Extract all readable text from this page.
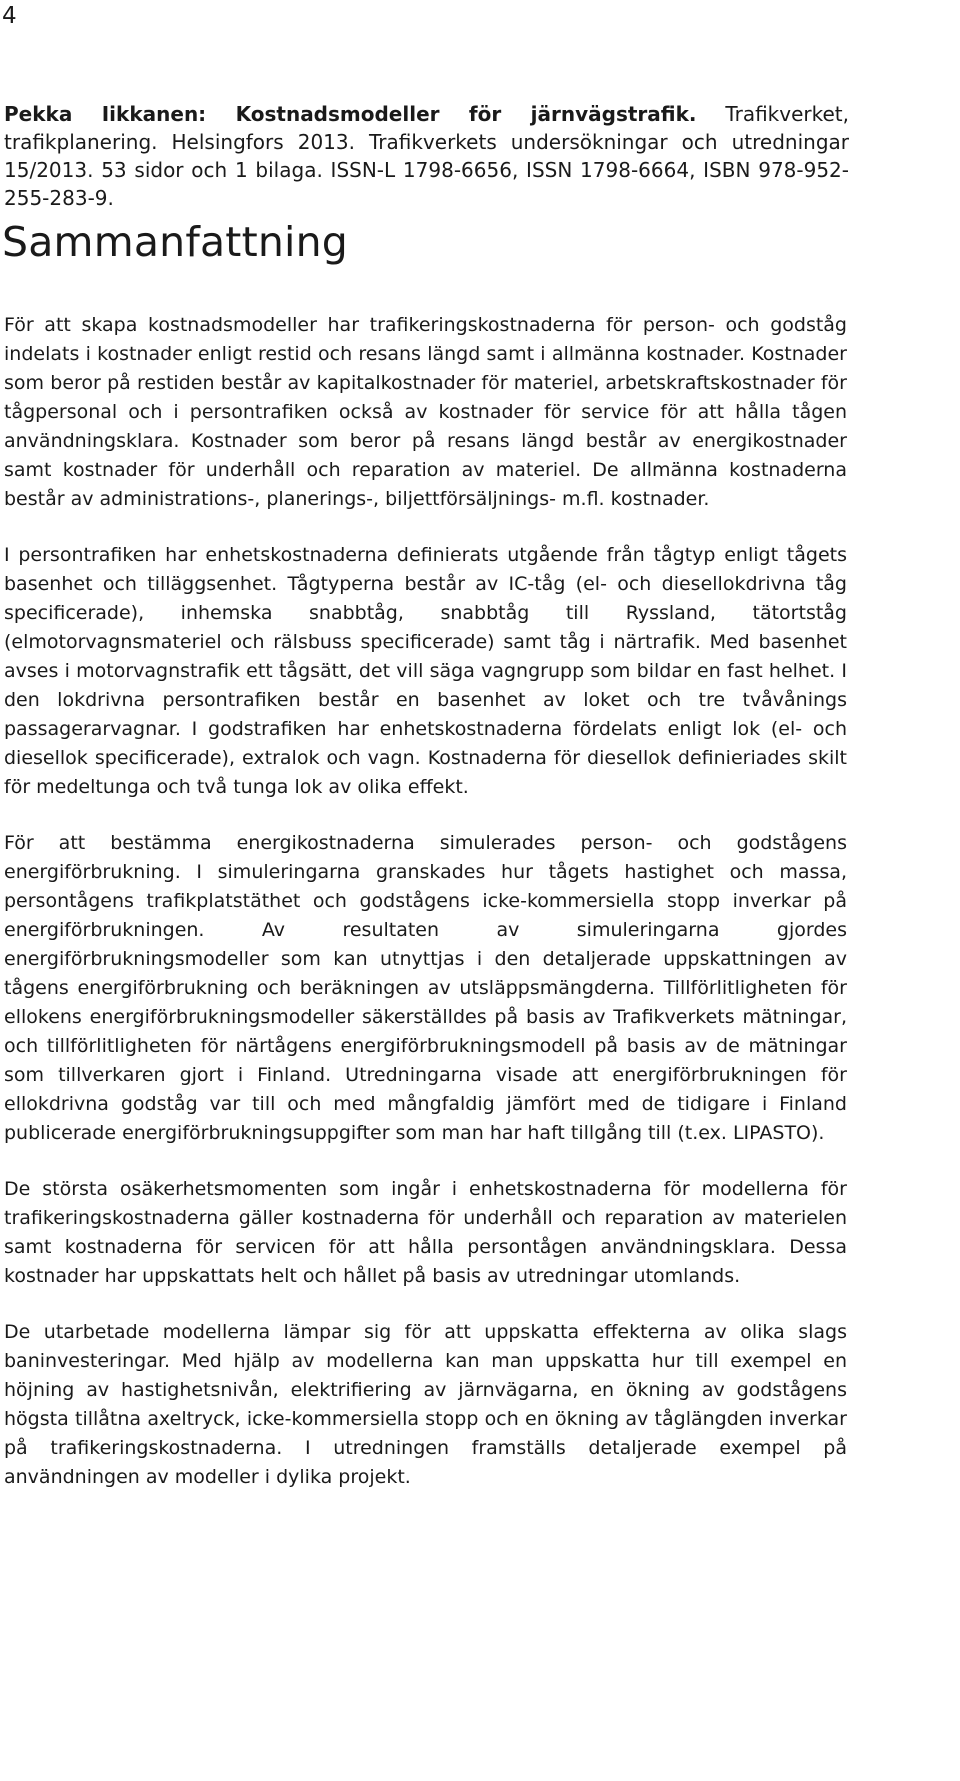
4

Pekka Iikkanen: Kostnadsmodeller för järnvägstrafik. Trafikverket, trafikplanering. Helsingfors 2013. Trafikverkets undersökningar och utredningar 15/2013. 53 sidor och 1 bilaga. ISSN-L 1798-6656, ISSN 1798-6664, ISBN 978-952-255-283-9.

Sammanfattning

För att skapa kostnadsmodeller har trafikeringskostnaderna för person- och godståg indelats i kostnader enligt restid och resans längd samt i allmänna kostnader. Kostnader som beror på restiden består av kapitalkostnader för materiel, arbetskraftskostnader för tågpersonal och i persontrafiken också av kostnader för service för att hålla tågen användningsklara. Kostnader som beror på resans längd består av energikostnader samt kostnader för underhåll och reparation av materiel. De allmänna kostnaderna består av administrations-, planerings-, biljettförsäljnings- m.fl. kostnader.

I persontrafiken har enhetskostnaderna definierats utgående från tågtyp enligt tågets basenhet och tilläggsenhet. Tågtyperna består av IC-tåg (el- och diesellokdrivna tåg specificerade), inhemska snabbtåg, snabbtåg till Ryssland, tätortståg (elmotorvagnsmateriel och rälsbuss specificerade) samt tåg i närtrafik. Med basenhet avses i motorvagnstrafik ett tågsätt, det vill säga vagngrupp som bildar en fast helhet. I den lokdrivna persontrafiken består en basenhet av loket och tre tvåvånings passagerarvagnar. I godstrafiken har enhetskostnaderna fördelats enligt lok (el- och diesellok specificerade), extralok och vagn. Kostnaderna för diesellok definieriades skilt för medeltunga och två tunga lok av olika effekt.

För att bestämma energikostnaderna simulerades person- och godstågens energiförbrukning. I simuleringarna granskades hur tågets hastighet och massa, persontågens trafikplatstäthet och godstågens icke-kommersiella stopp inverkar på energiförbrukningen. Av resultaten av simuleringarna gjordes energiförbrukningsmodeller som kan utnyttjas i den detaljerade uppskattningen av tågens energiförbrukning och beräkningen av utsläppsmängderna. Tillförlitligheten för ellokens energiförbrukningsmodeller säkerställdes på basis av Trafikverkets mätningar, och tillförlitligheten för närtågens energiförbrukningsmodell på basis av de mätningar som tillverkaren gjort i Finland. Utredningarna visade att energiförbrukningen för ellokdrivna godståg var till och med mångfaldig jämfört med de tidigare i Finland publicerade energiförbrukningsuppgifter som man har haft tillgång till (t.ex. LIPASTO).

De största osäkerhetsmomenten som ingår i enhetskostnaderna för modellerna för trafikeringskostnaderna gäller kostnaderna för underhåll och reparation av materielen samt kostnaderna för servicen för att hålla persontågen användningsklara. Dessa kostnader har uppskattats helt och hållet på basis av utredningar utomlands.

De utarbetade modellerna lämpar sig för att uppskatta effekterna av olika slags baninvesteringar. Med hjälp av modellerna kan man uppskatta hur till exempel en höjning av hastighetsnivån, elektrifiering av järnvägarna, en ökning av godstågens högsta tillåtna axeltryck, icke-kommersiella stopp och en ökning av tåglängden inverkar på trafikeringskostnaderna. I utredningen framställs detaljerade exempel på användningen av modeller i dylika projekt.
